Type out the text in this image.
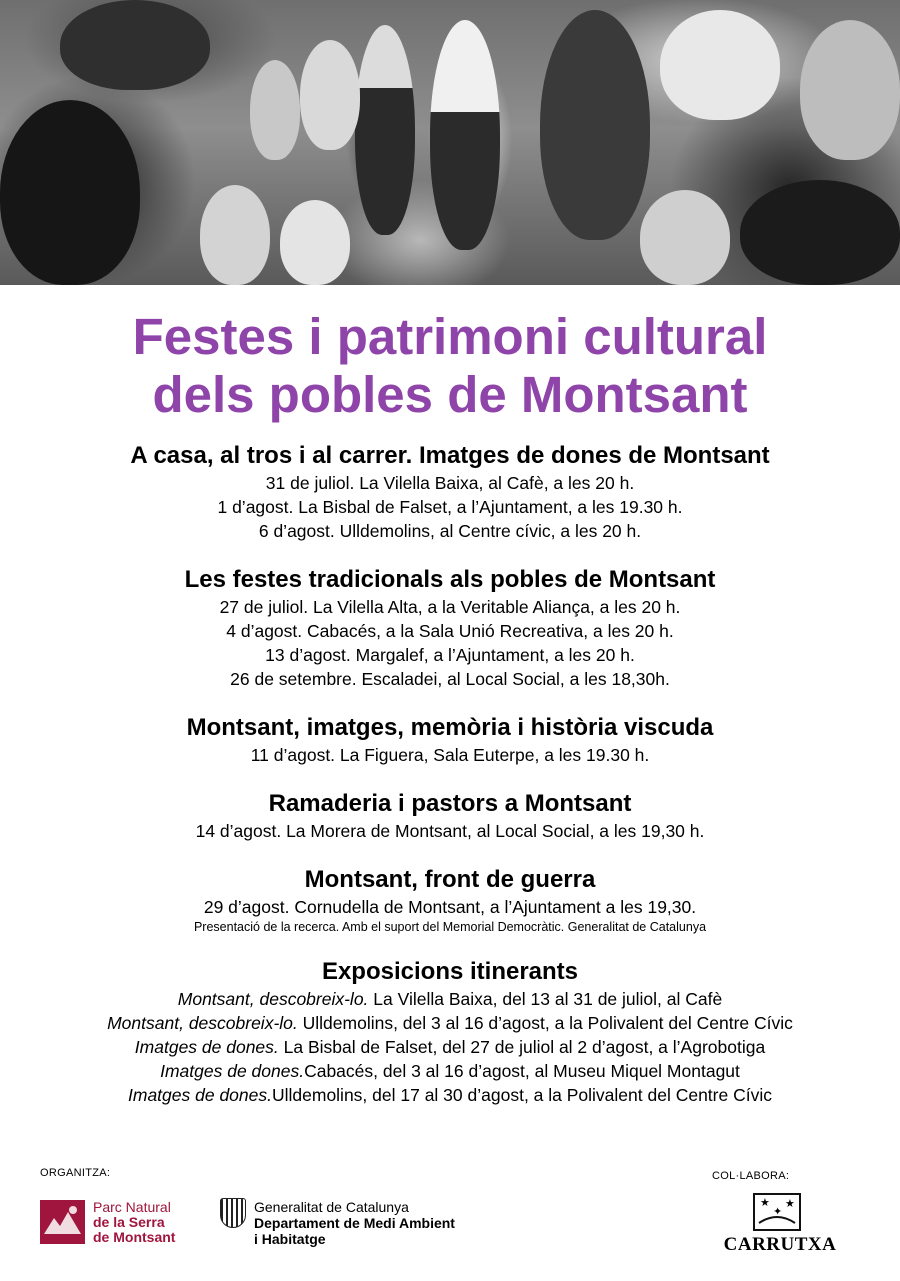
Festes i patrimoni cultural
dels pobles de Montsant
A casa, al tros i al carrer. Imatges de dones de Montsant
31 de juliol. La Vilella Baixa, al Cafè, a les 20 h.
1 d’agost. La Bisbal de Falset, a l’Ajuntament, a les 19.30 h.
6 d’agost. Ulldemolins, al Centre cívic, a les 20 h.
Les festes tradicionals als pobles de Montsant
27 de juliol. La Vilella Alta, a la Veritable Aliança, a les 20 h.
4 d’agost. Cabacés, a la Sala Unió Recreativa, a les 20 h.
13 d’agost. Margalef, a l’Ajuntament, a les 20 h.
26 de setembre. Escaladei, al Local Social, a les 18,30h.
Montsant, imatges, memòria i història viscuda
11 d’agost. La Figuera, Sala Euterpe, a les 19.30 h.
Ramaderia i pastors a Montsant
14 d’agost. La Morera de Montsant, al Local Social, a les 19,30 h.
Montsant, front de guerra
29 d’agost. Cornudella de Montsant, a l’Ajuntament a les 19,30.
Presentació de la recerca. Amb el suport del Memorial Democràtic. Generalitat de Catalunya
Exposicions itinerants
Montsant, descobreix-lo. La Vilella Baixa, del 13 al 31 de juliol, al Cafè
Montsant, descobreix-lo. Ulldemolins, del 3 al 16 d’agost, a la Polivalent del Centre Cívic
Imatges de dones. La Bisbal de Falset, del 27 de juliol al 2 d’agost, a l’Agrobotiga
Imatges de dones.Cabacés, del 3 al 16 d’agost, al Museu Miquel Montagut
Imatges de dones.Ulldemolins, del 17 al 30 d’agost, a la Polivalent del Centre Cívic
ORGANITZA:	COL·LABORA:
Parc Natural
de la Serra
de Montsant
Generalitat de Catalunya
Departament de Medi Ambient
i Habitatge
★ ★
✦
CARRUTXA
